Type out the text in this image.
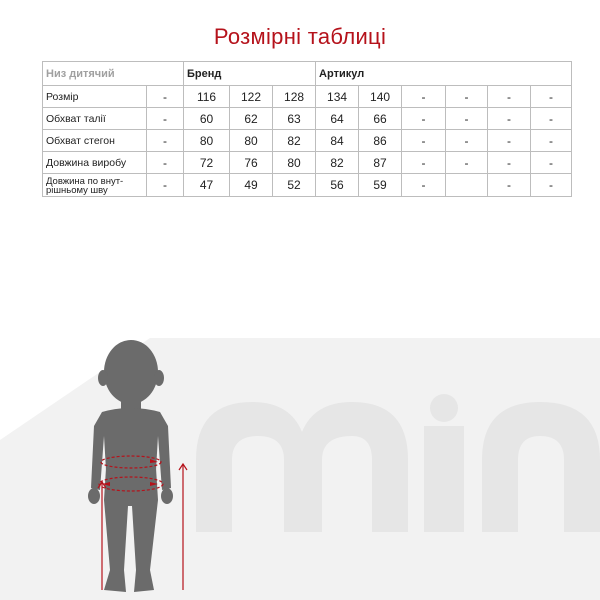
Розмірні таблиці
Низ дитячий		Бренд			Артикул					
Розмір	-	116	122	128	134	140	-	-	-	-
Обхват талії	-	60	62	63	64	66	-	-	-	-
Обхват стегон	-	80	80	82	84	86	-	-	-	-
Довжина виробу	-	72	76	80	82	87	-	-	-	-

Довжина по внут-
рішньому шву	-	47	49	52	56	59	-		-	-
min
